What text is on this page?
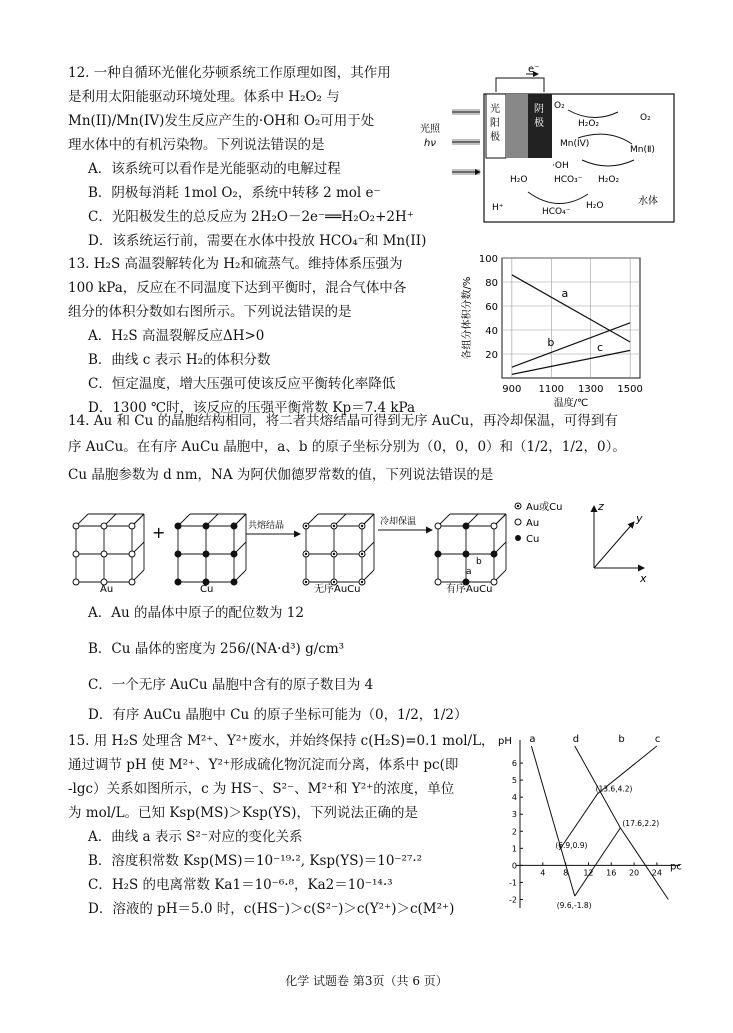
12. 一种自循环光催化芬顿系统工作原理如图，其作用
是利用太阳能驱动环境处理。体系中 H₂O₂ 与
Mn(II)/Mn(IV)发生反应产生的·OH和 O₂可用于处
理水体中的有机污染物。下列说法错误的是
A．该系统可以看作是光能驱动的电解过程
B．阴极每消耗 1mol O₂，系统中转移 2 mol e⁻
C．光阳极发生的总反应为 2H₂O－2e⁻══H₂O₂+2H⁺
D．该系统运行前，需要在水体中投放 HCO₄⁻和 Mn(II)
e⁻
光
阳
极
阴
极
光照
hν
O₂
O₂
H₂O₂
Mn(IV)
Mn(Ⅱ)
·OH
H₂O	HCO₃⁻ H₂O₂
H⁺	HCO₄⁻
H₂O	水体
13. H₂S 高温裂解转化为 H₂和硫蒸气。维持体系压强为
100 kPa，反应在不同温度下达到平衡时，混合气体中各
组分的体积分数如右图所示。下列说法错误的是
A．H₂S 高温裂解反应ΔH>0
B．曲线 c 表示 H₂的体积分数
C．恒定温度，增大压强可使该反应平衡转化率降低
D．1300 ℃时，该反应的压强平衡常数 Kp＝7.4 kPa
20
40
60
80
100
900 1100 1300 1500
温度/℃
各组分体积分数/%	a
b	c
14. Au 和 Cu 的晶胞结构相同，将二者共熔结晶可得到无序 AuCu，再冷却保温，可得到有
序 AuCu。在有序 AuCu 晶胞中，a、b 的原子坐标分别为（0，0，0）和（1/2，1/2，0）。
Cu 晶胞参数为 d nm，NA 为阿伏伽德罗常数的值，下列说法错误的是
+	共熔结晶	冷却保温
Au	Cu	无序AuCu	有序AuCu
Au或Cu
Au
Cu
z
y
x
a
b
A．Au 的晶体中原子的配位数为 12
B．Cu 晶体的密度为 256/(NA·d³) g/cm³
C．一个无序 AuCu 晶胞中含有的原子数目为 4
D．有序 AuCu 晶胞中 Cu 的原子坐标可能为（0，1/2，1/2）
15. 用 H₂S 处理含 M²⁺、Y²⁺废水，并始终保持 c(H₂S)=0.1 mol/L，
通过调节 pH 使 M²⁺、Y²⁺形成硫化物沉淀而分离，体系中 pc(即
-lgc）关系如图所示，c 为 HS⁻、S²⁻、M²⁺和 Y²⁺的浓度，单位
为 mol/L。已知 Ksp(MS)＞Ksp(YS)，下列说法正确的是
A．曲线 a 表示 S²⁻对应的变化关系
B．溶度积常数 Ksp(MS)＝10⁻¹⁹·², Ksp(YS)＝10⁻²⁷·²
C．H₂S 的电离常数 Ka1＝10⁻⁶·⁸，Ka2＝10⁻¹⁴·³
D．溶液的 pH＝5.0 时，c(HS⁻)＞c(S²⁻)＞c(Y²⁺)＞c(M²⁺)
pH
pc
6
5
4
3
2
1
0
-1
-2
4 8 12 16 20 24
a	b	c
d
(13.6,4.2)
(17.6,2.2)
(6.9,0.9)
(9.6,-1.8)
化学 试题卷 第3页（共 6 页）
